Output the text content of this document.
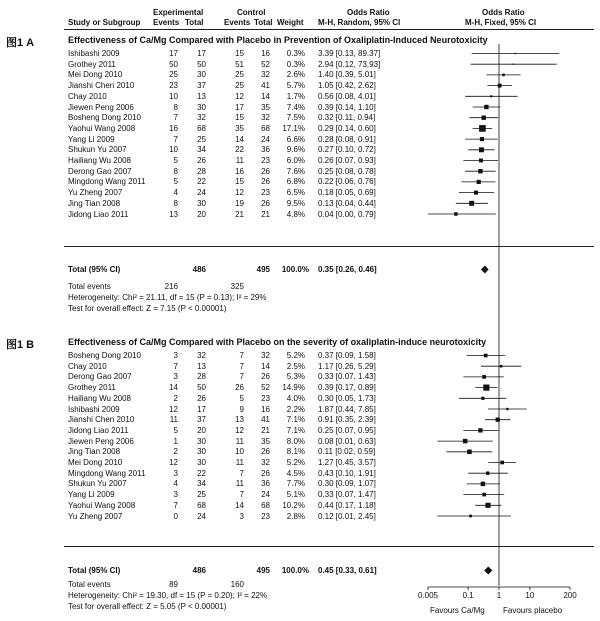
Experimental	Control	Odds Ratio	Odds Ratio
Study or Subgroup Events Total	Events Total Weight M-H, Random, 95% CI	M-H, Fixed, 95% CI
图1 A	Effectiveness of Ca/Mg Compared with Placebo in Prevention of Oxaliplatin-Induced Neurotoxicity
图1 B	Effectiveness of Ca/Mg Compared with Placebo on the severity of oxaliplatin-induce neurotoxicity
Ishibashi 2009	17	17	15	16	0.3% 3.39 [0.13, 89.37]
Grothey 2011	50	50	51	52	0.3% 2.94 [0.12, 73.93]
Mei Dong 2010	25	30	25	32	2.6% 1.40 [0.39, 5.01]
Jianshi Chen 2010	23	37	25	41	5.7% 1.05 [0.42, 2.62]
Chay 2010	10	13	12	14	1.7% 0.56 [0.08, 4.01]
Jiewen Peng 2006	8	30	17	35	7.4% 0.39 [0.14, 1.10]
Bosheng Dong 2010	7	32	15	32	7.5% 0.32 [0.11, 0.94]
Yaohui Wang 2008	16	68	35	68	17.1% 0.29 [0.14, 0.60]
Yang Li 2009	7	25	14	24	6.6% 0.28 [0.08, 0.91]
Shukun Yu 2007	10	34	22	36	9.6% 0.27 [0.10, 0.72]
Hailiang Wu 2008	5	26	11	23	6.0% 0.26 [0.07, 0.93]
Derong Gao 2007	8	28	16	26	7.6% 0.25 [0.08, 0.78]
Mingdong Wang 2011	5	22	15	26	6.8% 0.22 [0.06, 0.76]
Yu Zheng 2007	4	24	12	23	6.5% 0.18 [0.05, 0.69]
Jing Tian 2008	8	30	19	26	9.5% 0.13 [0.04, 0.44]
Jidong Liao 2011	13	20	21	21	4.8% 0.04 [0.00, 0.79]
Total (95% CI)	486	495	100.0% 0.35 [0.26, 0.46]
Total events	216	325
Heterogeneity: Chi² = 21.11, df = 15 (P = 0.13); I² = 29%
Test for overall effect: Z = 7.15 (P < 0.00001)
Bosheng Dong 2010	3	32	7	32	5.2% 0.37 [0.09, 1.58]
Chay 2010	7	13	7	14	2.5% 1.17 [0.26, 5.29]
Derong Gao 2007	3	28	7	26	5.3% 0.33 [0.07, 1.43]
Grothey 2011	14	50	26	52	14.9% 0.39 [0.17, 0.89]
Hailiang Wu 2008	2	26	5	23	4.0% 0.30 [0.05, 1.73]
Ishibashi 2009	12	17	9	16	2.2% 1.87 [0.44, 7.85]
Jianshi Chen 2010	11	37	13	41	7.1% 0.91 [0.35, 2.39]
Jidong Liao 2011	5	20	12	21	7.1% 0.25 [0.07, 0.95]
Jiewen Peng 2006	1	30	11	35	8.0% 0.08 [0.01, 0.63]
Jing Tian 2008	2	30	10	26	8.1% 0.11 [0.02, 0.59]
Mei Dong 2010	12	30	11	32	5.2% 1.27 [0.45, 3.57]
Mingdong Wang 2011	3	22	7	26	4.5% 0.43 [0.10, 1.91]
Shukun Yu 2007	4	34	11	36	7.7% 0.30 [0.09, 1.07]
Yang Li 2009	3	25	7	24	5.1% 0.33 [0.07, 1.47]
Yaohui Wang 2008	7	68	14	68	10.2% 0.44 [0.17, 1.18]
Yu Zheng 2007	0	24	3	23	2.8% 0.12 [0.01, 2.45]
Total (95% CI)	486	495	100.0% 0.45 [0.33, 0.61]
Total events	89	160
Heterogeneity: Chi² = 19.30, df = 15 (P = 0.20); I² = 22%
Test for overall effect: Z = 5.05 (P < 0.00001)
0.005	0.1	1	10	200
Favours Ca/Mg Favours placebo
